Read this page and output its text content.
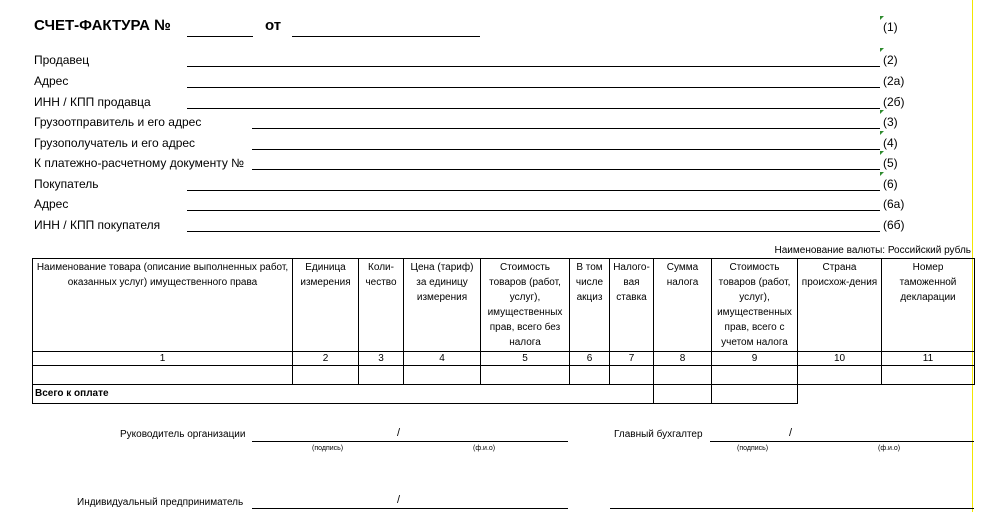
СЧЕТ-ФАКТУРА №	от	(1)
Продавец	(2)
Адрес	(2а)
ИНН / КПП продавца	(2б)
Грузоотправитель и его адрес	(3)
Грузополучатель и его адрес	(4)
К платежно-расчетному документу №	(5)
Покупатель	(6)
Адрес	(6а)
ИНН / КПП покупателя	(6б)
Наименование валюты: Российский рубль
Наименование товара (описание выполненных работ, оказанных услуг) имущественного права	Единица измерения	Коли-чество	Цена (тариф) за единицу измерения	Стоимость товаров (работ, услуг), имущественных прав, всего без налога	В том числе акциз	Налого-вая ставка	Сумма налога	Стоимость товаров (работ, услуг), имущественных прав, всего с учетом налога	Страна происхож-дения	Номер таможенной декларации
1	2	3	4	5	6	7	8	9	10	11

Всего к оплате										
Руководитель организации	/
(подпись)	(ф.и.о)
Главный бухгалтер	/
(подпись)	(ф.и.о)
Индивидуальный предприниматель	/
